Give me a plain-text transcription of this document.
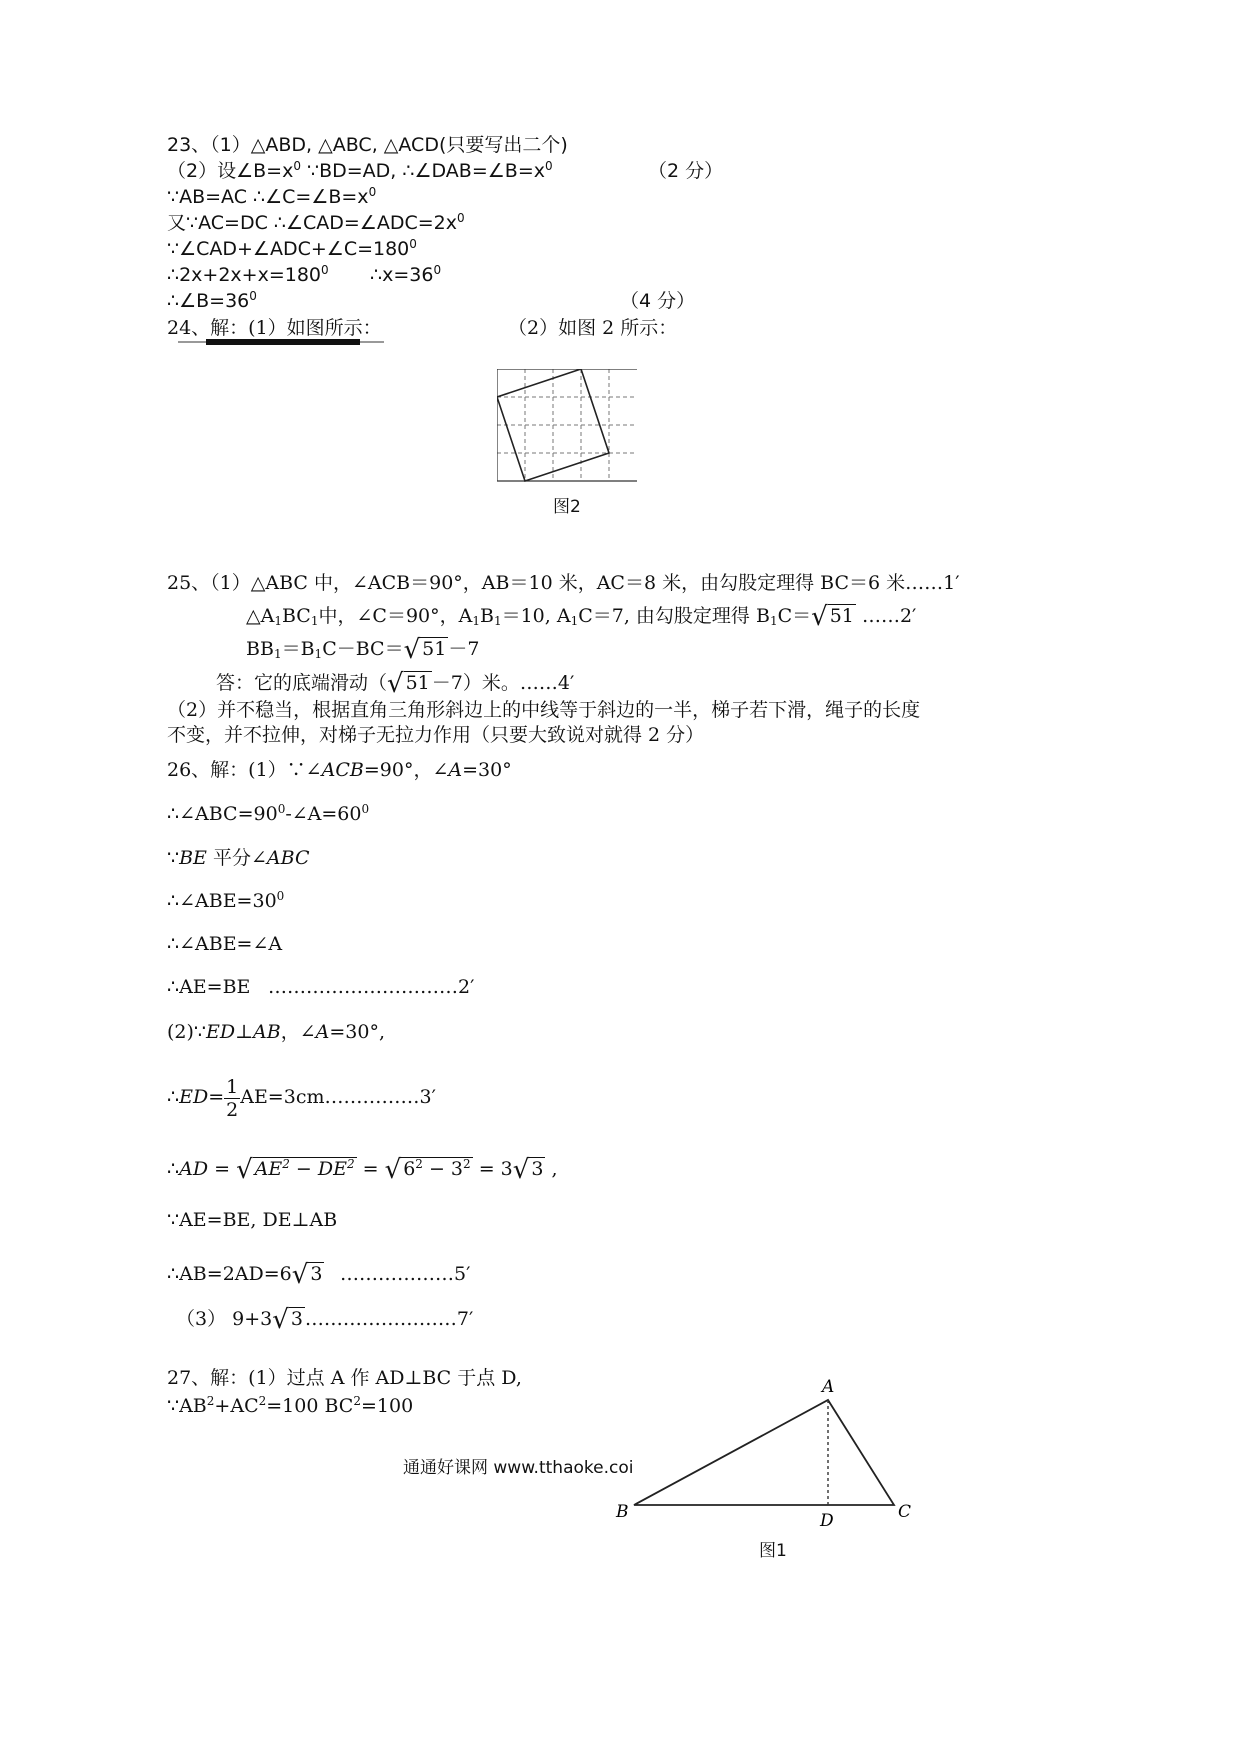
23、（1）△ABD, △ABC, △ACD(只要写出二个)
（2）设$\angle B=x^0$ ∵BD=AD, $\therefore\angle DAB=\angle B=x^0$	（2 分）
∵AB=AC $\therefore\angle C=\angle B=x^0$
又∵AC=DC $\therefore\angle CAD=\angle ADC=2x^0$
$\because\angle CAD+\angle ADC+\angle C=180^0$
$\therefore 2x+2x+x=180^0$ $\therefore x=36^0$
$\therefore\angle B=36^0$	（4 分）
24、解：(1）如图所示：	（2）如图 2 所示：
图2
25、（1）△ABC 中，∠ACB＝90°，AB＝10 米，AC＝8 米，由勾股定理得 BC＝6 米……1′
$\triangle A_1BC_1$中，∠C＝90°，$A_1B_1=10$, $A_1C=7$, 由勾股定理得 $B_1C=√$ 51 ……2′
$BB_1=B_1C-BC=√$ 51 －7
答：它的底端滑动（√ 51 －7）米。……4′
（2）并不稳当，根据直角三角形斜边上的中线等于斜边的一半，梯子若下滑，绳子的长度
不变，并不拉伸，对梯子无拉力作用（只要大致说对就得 2 分）
26、解：(1）∵∠ACB=90°，∠A=30°
$\therefore\angle ABC=90^0-\angle A=60^0$
∵BE 平分∠ABC
$\therefore\angle ABE=30^0$
∴∠ABE=∠A
∴AE=BE …………………………2′
(2)∵ED⊥AB，∠A=30°,
∴ED= $\frac{1}{2}$ AE=3cm……………3′
∴AD = √ $AE^2 - DE^2$ = √ $6^2 - 3^2 = 3√$ 3 ,
∵AE=BE, DE⊥AB
∴AB=2AD=6√ 3 ………………5′
（3） 9+3√ 3 ……………………7′
27、解：(1）过点 A 作 AD⊥BC 于点 D,
$\because AB^2+AC^2=100$ $BC^2=100$
A
B	C
D
图1
通通好课网 www.tthaoke.coi
